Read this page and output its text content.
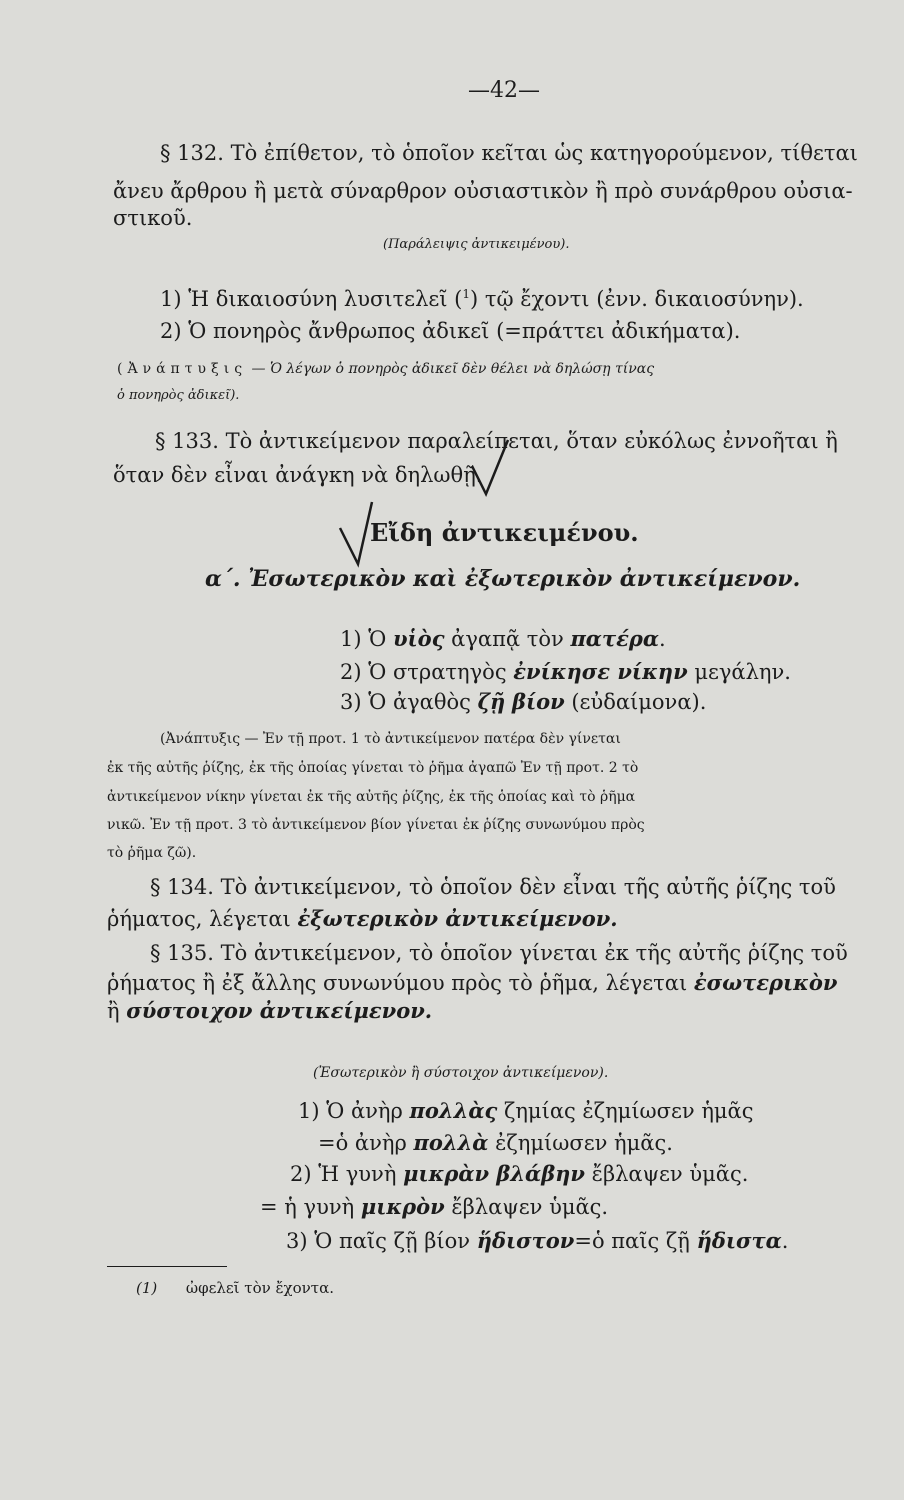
—42—
§ 132. Τὸ ἐπίθετον, τὸ ὁποῖον κεῖται ὡς κατηγορούμενον, τίθεται
ἄνευ ἄρθρου ἢ μετὰ σύναρθρον οὐσιαστικὸν ἢ πρὸ συνάρθρου οὐσια-
στικοῦ.
(Παράλειψις ἀντικειμένου).
1) Ἡ δικαιοσύνη λυσιτελεῖ ($^1$) τῷ ἔχοντι (ἐνν. δικαιοσύνην).
2) Ὁ πονηρὸς ἄνθρωπος ἀδικεῖ (=πράττει ἀδικήματα).
(Ἀνάπτυξις — Ὁ λέγων ὁ πονηρὸς ἀδικεῖ δὲν θέλει νὰ δηλώσῃ τίνας
ὁ πονηρὸς ἀδικεῖ).
§ 133. Τὸ ἀντικείμενον παραλείπεται, ὅταν εὐκόλως ἐννοῆται ἢ
ὅταν δὲν εἶναι ἀνάγκη νὰ δηλωθῇ.
Εἴδη ἀντικειμένου.
α΄. Ἐσωτερικὸν καὶ ἐξωτερικὸν ἀντικείμενον.
1) Ὁ υἱὸς ἀγαπᾷ τὸν πατέρα.
2) Ὁ στρατηγὸς ἐνίκησε νίκην μεγάλην.
3) Ὁ ἀγαθὸς ζῇ βίον (εὐδαίμονα).
(Ἀνάπτυξις — Ἐν τῇ προτ. 1 τὸ ἀντικείμενον πατέρα δὲν γίνεται
ἐκ τῆς αὐτῆς ῥίζης, ἐκ τῆς ὁποίας γίνεται τὸ ῥῆμα ἀγαπῶ Ἐν τῇ προτ. 2 τὸ
ἀντικείμενον νίκην γίνεται ἐκ τῆς αὐτῆς ῥίζης, ἐκ τῆς ὁποίας καὶ τὸ ῥῆμα
νικῶ. Ἐν τῇ προτ. 3 τὸ ἀντικείμενον βίον γίνεται ἐκ ῥίζης συνωνύμου πρὸς
τὸ ῥῆμα ζῶ).
§ 134. Τὸ ἀντικείμενον, τὸ ὁποῖον δὲν εἶναι τῆς αὐτῆς ῥίζης τοῦ
ῥήματος, λέγεται ἐξωτερικὸν ἀντικείμενον.
§ 135. Τὸ ἀντικείμενον, τὸ ὁποῖον γίνεται ἐκ τῆς αὐτῆς ῥίζης τοῦ
ῥήματος ἢ ἐξ ἄλλης συνωνύμου πρὸς τὸ ῥῆμα, λέγεται ἐσωτερικὸν
ἢ σύστοιχον ἀντικείμενον.
(Ἐσωτερικὸν ἢ σύστοιχον ἀντικείμενον).
1) Ὁ ἀνὴρ πολλὰς ζημίας ἐζημίωσεν ἡμᾶς
=ὁ ἀνὴρ πολλὰ ἐζημίωσεν ἡμᾶς.
2) Ἡ γυνὴ μικρὰν βλάβην ἔβλαψεν ὑμᾶς.
= ἡ γυνὴ μικρὸν ἔβλαψεν ὑμᾶς.
3) Ὁ παῖς ζῇ βίον ἥδιστον=ὁ παῖς ζῇ ἥδιστα.
(1) ὠφελεῖ τὸν ἔχοντα.
